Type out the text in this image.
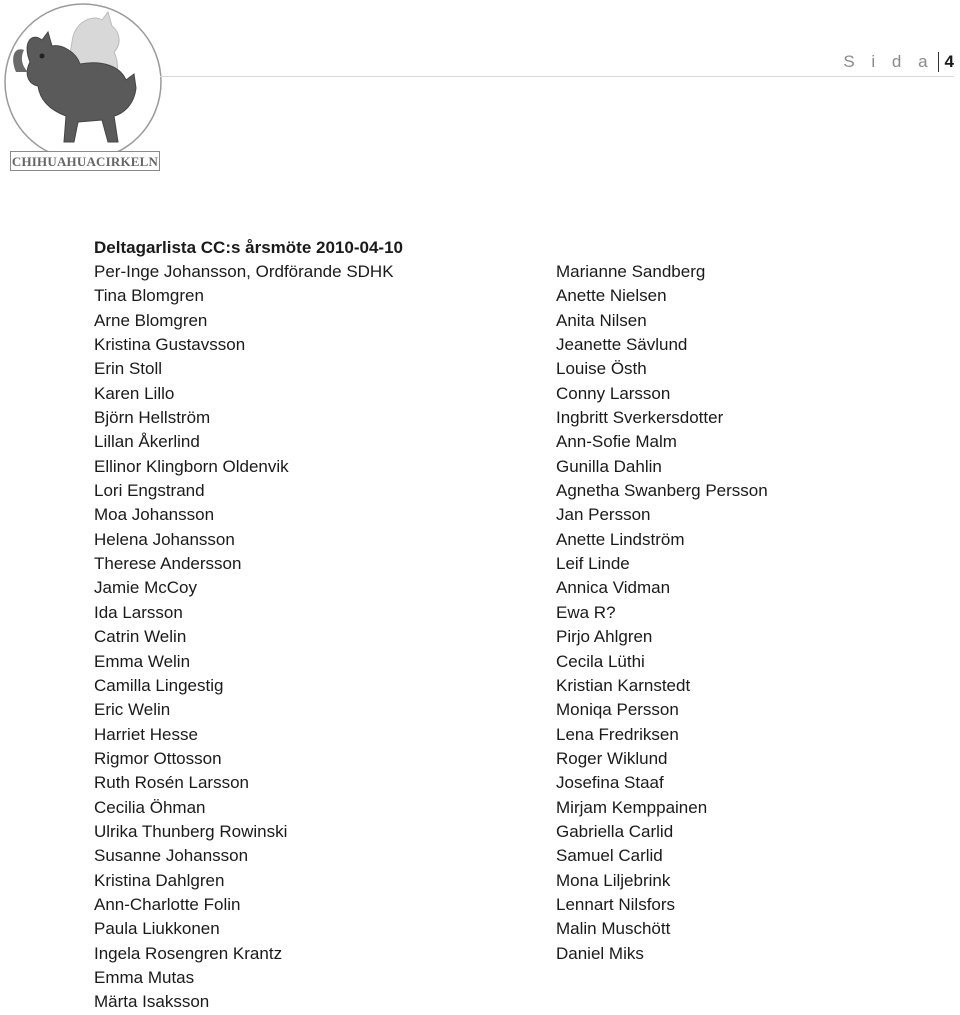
CHIHUAHUACIRKELN
S i d a 4
Deltagarlista CC:s årsmöte 2010-04-10
Per-Inge Johansson, Ordförande SDHK
Tina Blomgren
Arne Blomgren
Kristina Gustavsson
Erin Stoll
Karen Lillo
Björn Hellström
Lillan Åkerlind
Ellinor Klingborn Oldenvik
Lori Engstrand
Moa Johansson
Helena Johansson
Therese Andersson
Jamie McCoy
Ida Larsson
Catrin Welin
Emma Welin
Camilla Lingestig
Eric Welin
Harriet Hesse
Rigmor Ottosson
Ruth Rosén Larsson
Cecilia Öhman
Ulrika Thunberg Rowinski
Susanne Johansson
Kristina Dahlgren
Ann-Charlotte Folin
Paula Liukkonen
Ingela Rosengren Krantz
Emma Mutas
Märta Isaksson
Marianne Sandberg
Anette Nielsen
Anita Nilsen
Jeanette Sävlund
Louise Östh
Conny Larsson
Ingbritt Sverkersdotter
Ann-Sofie Malm
Gunilla Dahlin
Agnetha Swanberg Persson
Jan Persson
Anette Lindström
Leif Linde
Annica Vidman
Ewa R?
Pirjo Ahlgren
Cecila Lüthi
Kristian Karnstedt
Moniqa Persson
Lena Fredriksen
Roger Wiklund
Josefina Staaf
Mirjam Kemppainen
Gabriella Carlid
Samuel Carlid
Mona Liljebrink
Lennart Nilsfors
Malin Muschött
Daniel Miks
